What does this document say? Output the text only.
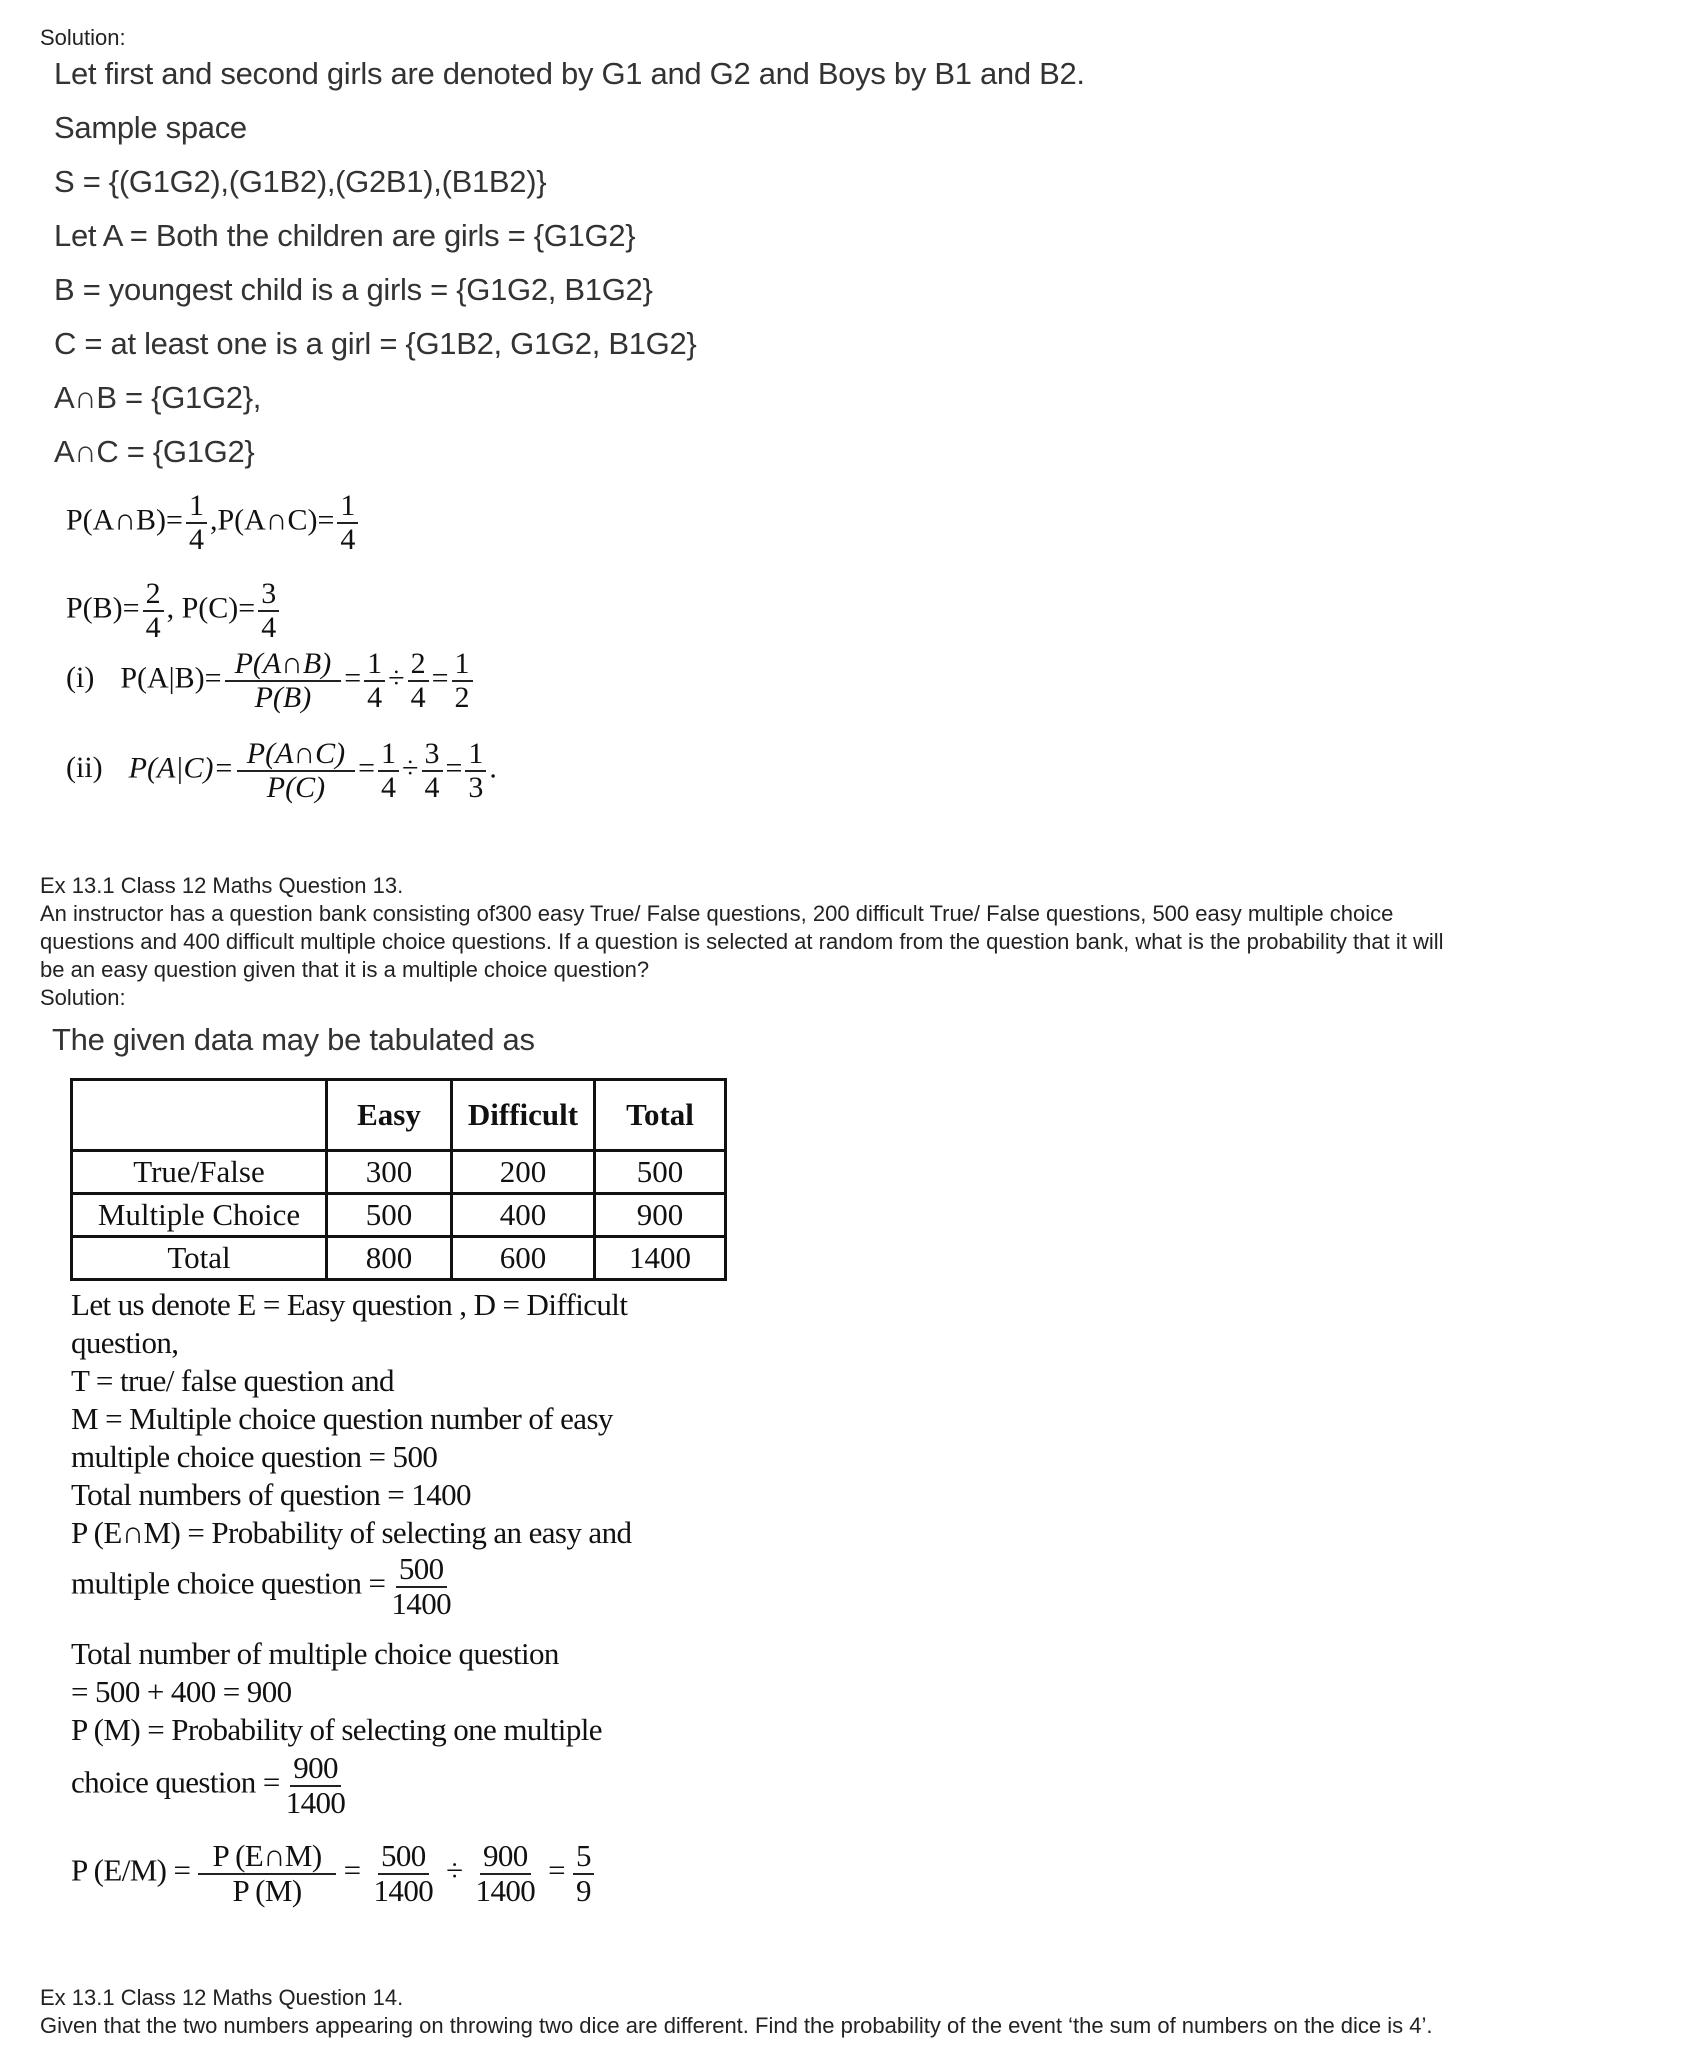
Solution:
Let first and second girls are denoted by G1 and G2 and Boys by B1 and B2.
Sample space
S = {(G1G2),(G1B2),(G2B1),(B1B2)}
Let A = Both the children are girls = {G1G2}
B = youngest child is a girls = {G1G2, B1G2}
C = at least one is a girl = {G1B2, G1G2, B1G2}
A∩B = {G1G2},
A∩C = {G1G2}
P(A∩B)= $\frac{1}{4}$ ,P(A∩C)= $\frac{1}{4}$
$P(B)= \frac{2}{4}$ , $P(C)= \frac{3}{4}$
(i) $P(A|B)= \frac{P(A\cap B)}{P(B)} = \frac{1}{4} \div \frac{2}{4} = \frac{1}{2}$
(ii) $P(A|C)= \frac{P(A\cap C)}{P(C)} = \frac{1}{4} \div \frac{3}{4} = \frac{1}{3}$ .
Ex 13.1 Class 12 Maths Question 13.
An instructor has a question bank consisting of300 easy True/ False questions, 200 difficult True/ False questions, 500 easy multiple choice
questions and 400 difficult multiple choice questions. If a question is selected at random from the question bank, what is the probability that it will
be an easy question given that it is a multiple choice question?
Solution:
The given data may be tabulated as
	Easy	Difficult	Total
True/False	300	200	500
Multiple Choice	500	400	900
Total	800	600	1400
Let us denote E = Easy question , D = Difficult
question,
T = true/ false question and
M = Multiple choice question number of easy
multiple choice question = 500
Total numbers of question = 1400
P (E∩M) = Probability of selecting an easy and
multiple choice question = $\frac{500}{1400}$
Total number of multiple choice question
= 500 + 400 = 900
P (M) = Probability of selecting one multiple
choice question = $\frac{900}{1400}$
P $(E/M) = \frac{P (E\cap M)}{P (M)} = \frac{500}{1400} \div \frac{900}{1400} = \frac{5}{9}$
Ex 13.1 Class 12 Maths Question 14.
Given that the two numbers appearing on throwing two dice are different. Find the probability of the event ‘the sum of numbers on the dice is 4’.
